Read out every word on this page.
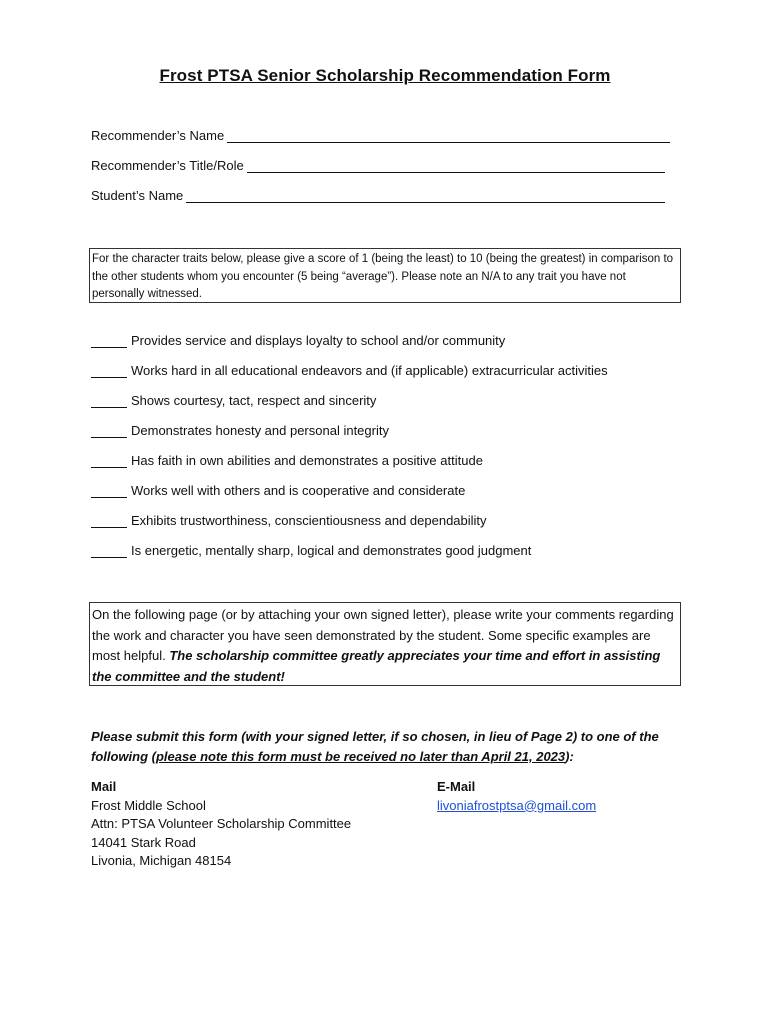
Frost PTSA Senior Scholarship Recommendation Form
Recommender’s Name
Recommender’s Title/Role
Student’s Name
For the character traits below, please give a score of 1 (being the least) to 10 (being the greatest) in comparison to the other students whom you encounter (5 being “average”). Please note an N/A to any trait you have not personally witnessed.
Provides service and displays loyalty to school and/or community
Works hard in all educational endeavors and (if applicable) extracurricular activities
Shows courtesy, tact, respect and sincerity
Demonstrates honesty and personal integrity
Has faith in own abilities and demonstrates a positive attitude
Works well with others and is cooperative and considerate
Exhibits trustworthiness, conscientiousness and dependability
Is energetic, mentally sharp, logical and demonstrates good judgment
On the following page (or by attaching your own signed letter), please write your comments regarding the work and character you have seen demonstrated by the student. Some specific examples are most helpful. The scholarship committee greatly appreciates your time and effort in assisting the committee and the student!
Please submit this form (with your signed letter, if so chosen, in lieu of Page 2) to one of the following (please note this form must be received no later than April 21, 2023):
Mail
Frost Middle School
Attn: PTSA Volunteer Scholarship Committee
14041 Stark Road
Livonia, Michigan 48154
E-Mail
livoniafrostptsa@gmail.com
